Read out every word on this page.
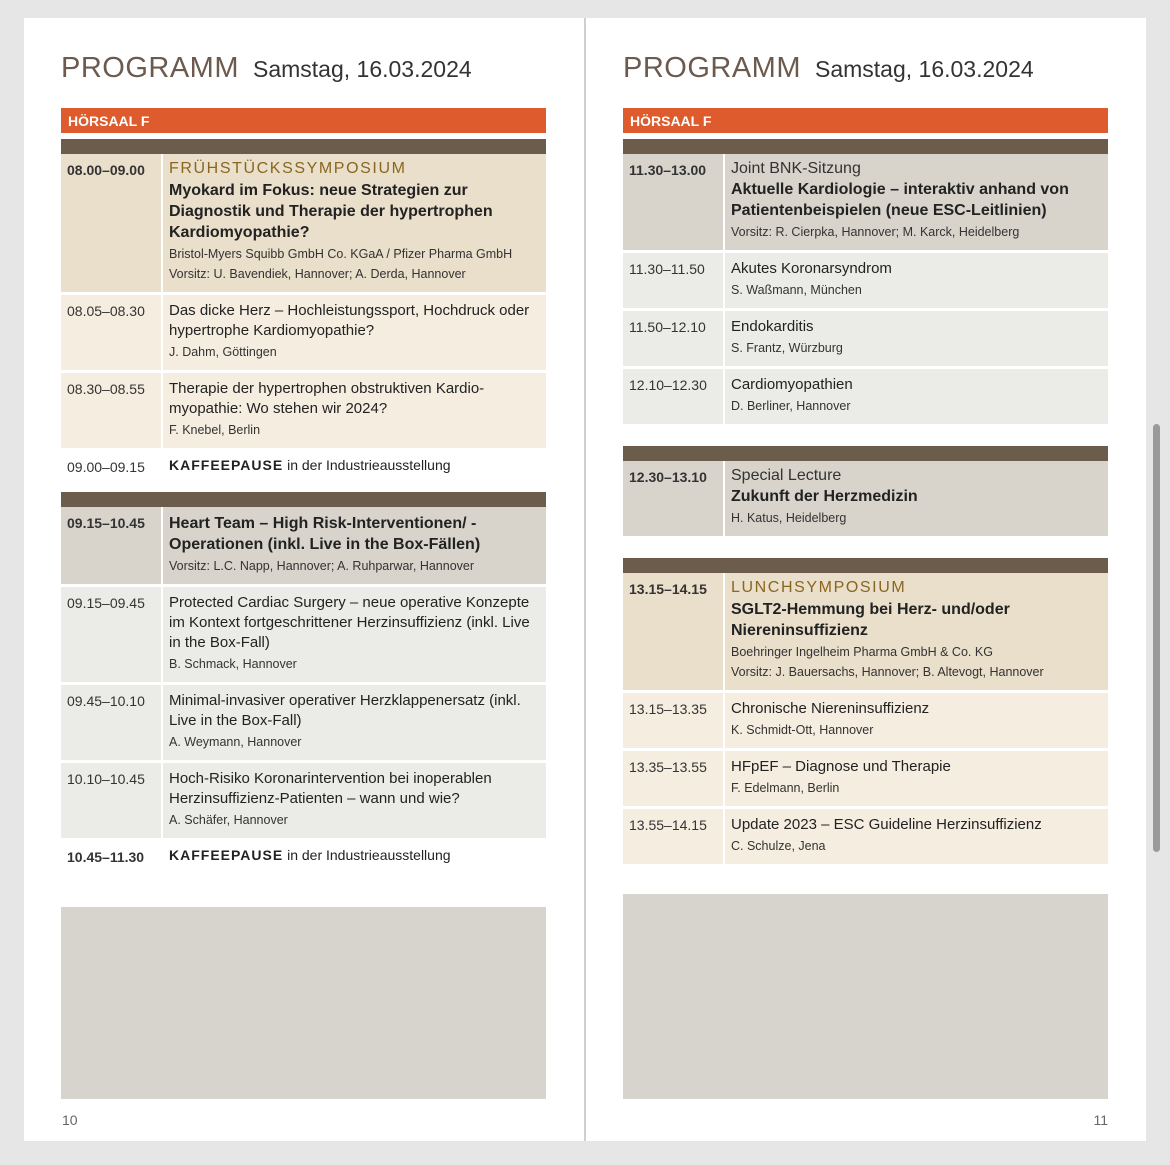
PROGRAMM Samstag, 16.03.2024
HÖRSAAL F
08.00–09.00	FRÜHSTÜCKSSYMPOSIUM
Myokard im Fokus: neue Strategien zur Diagnostik und Therapie der hypertrophen Kardiomyopathie?
Bristol-Myers Squibb GmbH Co. KGaA / Pfizer Pharma GmbH
Vorsitz: U. Bavendiek, Hannover; A. Derda, Hannover
08.05–08.30	Das dicke Herz – Hochleistungssport, Hochdruck oder hypertrophe Kardiomyopathie?
J. Dahm, Göttingen
08.30–08.55	Therapie der hypertrophen obstruktiven Kardio-myopathie: Wo stehen wir 2024?
F. Knebel, Berlin
09.00–09.15	KAFFEEPAUSE in der Industrieausstellung
09.15–10.45	Heart Team – High Risk-Interventionen/ -Operationen (inkl. Live in the Box-Fällen)
Vorsitz: L.C. Napp, Hannover; A. Ruhparwar, Hannover
09.15–09.45	Protected Cardiac Surgery – neue operative Konzepte im Kontext fortgeschrittener Herzinsuffizienz (inkl. Live in the Box-Fall)
B. Schmack, Hannover
09.45–10.10	Minimal-invasiver operativer Herzklappenersatz (inkl. Live in the Box-Fall)
A. Weymann, Hannover
10.10–10.45	Hoch-Risiko Koronarintervention bei inoperablen Herzinsuffizienz-Patienten – wann und wie?
A. Schäfer, Hannover
10.45–11.30	KAFFEEPAUSE in der Industrieausstellung
10
PROGRAMM Samstag, 16.03.2024
HÖRSAAL F
11.30–13.00	Joint BNK-Sitzung
Aktuelle Kardiologie – interaktiv anhand von Patientenbeispielen (neue ESC-Leitlinien)
Vorsitz: R. Cierpka, Hannover; M. Karck, Heidelberg
11.30–11.50	Akutes Koronarsyndrom
S. Waßmann, München
11.50–12.10	Endokarditis
S. Frantz, Würzburg
12.10–12.30	Cardiomyopathien
D. Berliner, Hannover
12.30–13.10	Special Lecture
Zukunft der Herzmedizin
H. Katus, Heidelberg
13.15–14.15	LUNCHSYMPOSIUM
SGLT2-Hemmung bei Herz- und/oder Niereninsuffizienz
Boehringer Ingelheim Pharma GmbH & Co. KG
Vorsitz: J. Bauersachs, Hannover; B. Altevogt, Hannover
13.15–13.35	Chronische Niereninsuffizienz
K. Schmidt-Ott, Hannover
13.35–13.55	HFpEF – Diagnose und Therapie
F. Edelmann, Berlin
13.55–14.15	Update 2023 – ESC Guideline Herzinsuffizienz
C. Schulze, Jena
11
